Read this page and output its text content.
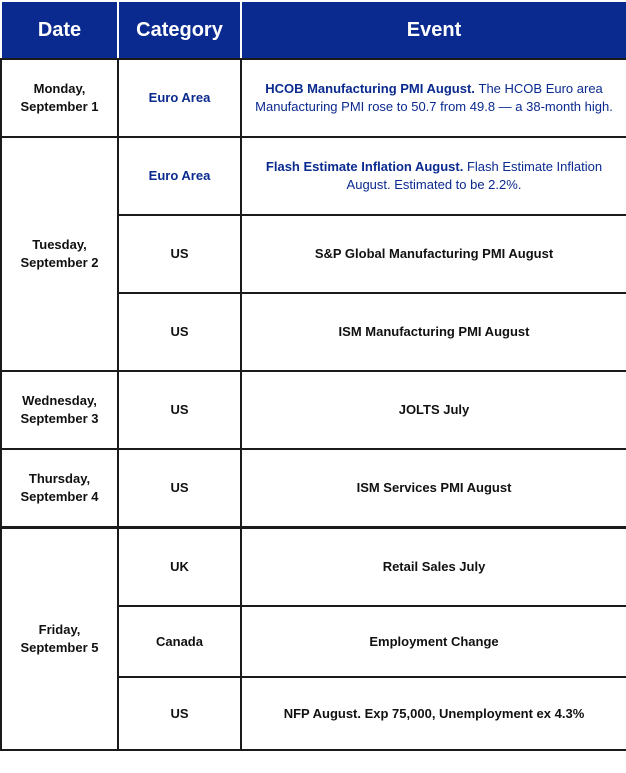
Date	Category	Event

Monday,
September 1	Euro Area	HCOB Manufacturing PMI August. The HCOB Euro area Manufacturing PMI rose to 50.7 from 49.8 — a 38-month high.

Tuesday,
September 2	Euro Area	Flash Estimate Inflation August. Flash Estimate Inflation August. Estimated to be 2.2%.
	US	S&P Global Manufacturing PMI August
	US	ISM Manufacturing PMI August

Wednesday,
September 3	US	JOLTS July

Thursday,
September 4	US	ISM Services PMI August

Friday,
September 5	UK	Retail Sales July
	Canada	Employment Change
	US	NFP August. Exp 75,000, Unemployment ex 4.3%
